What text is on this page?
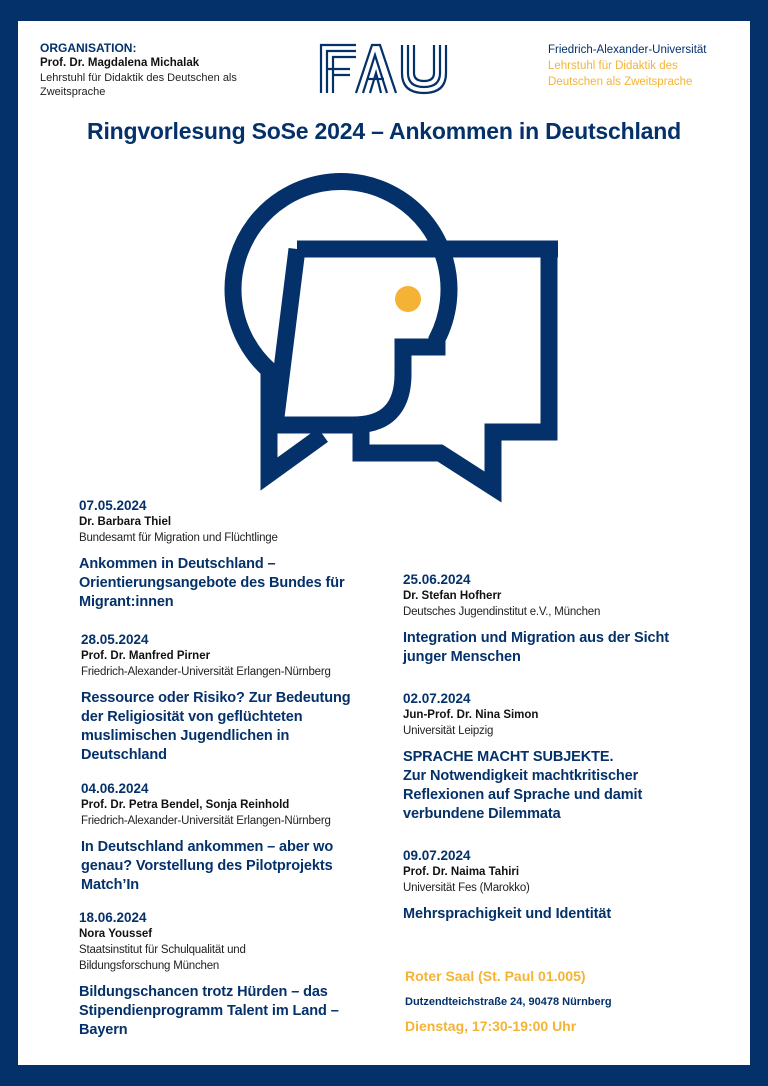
ORGANISATION:
Prof. Dr. Magdalena Michalak
Lehrstuhl für Didaktik des Deutschen als Zweitsprache
Friedrich-Alexander-Universität
Lehrstuhl für Didaktik des
Deutschen als Zweitsprache
Ringvorlesung SoSe 2024 – Ankommen in Deutschland
07.05.2024
Dr. Barbara Thiel
Bundesamt für Migration und Flüchtlinge
Ankommen in Deutschland – Orientierungsangebote des Bundes für Migrant:innen
28.05.2024
Prof. Dr. Manfred Pirner
Friedrich-Alexander-Universität Erlangen-Nürnberg
Ressource oder Risiko? Zur Bedeutung der Religiosität von geflüchteten muslimischen Jugendlichen in Deutschland
04.06.2024
Prof. Dr. Petra Bendel, Sonja Reinhold
Friedrich-Alexander-Universität Erlangen-Nürnberg
In Deutschland ankommen – aber wo genau? Vorstellung des Pilotprojekts Match’In
18.06.2024
Nora Youssef
Staatsinstitut für Schulqualität und Bildungsforschung München
Bildungschancen trotz Hürden – das Stipendienprogramm Talent im Land – Bayern
25.06.2024
Dr. Stefan Hofherr
Deutsches Jugendinstitut e.V., München
Integration und Migration aus der Sicht junger Menschen
02.07.2024
Jun-Prof. Dr. Nina Simon
Universität Leipzig
SPRACHE MACHT SUBJEKTE.
Zur Notwendigkeit machtkritischer Reflexionen auf Sprache und damit verbundene Dilemmata
09.07.2024
Prof. Dr. Naima Tahiri
Universität Fes (Marokko)
Mehrsprachigkeit und Identität
Roter Saal (St. Paul 01.005)
Dutzendteichstraße 24, 90478 Nürnberg
Dienstag, 17:30-19:00 Uhr
